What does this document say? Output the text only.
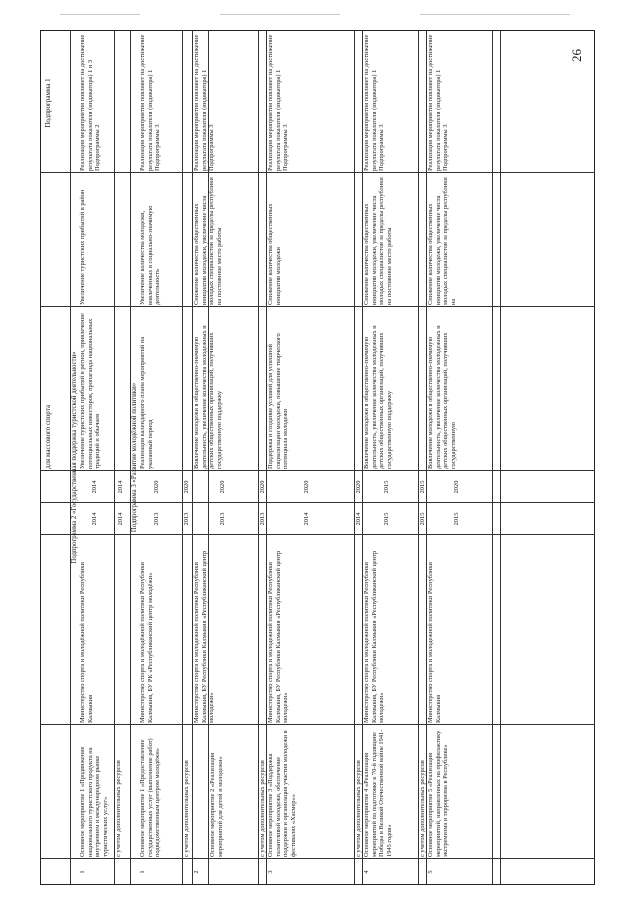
26
для массового спорта
Подпрограмма 1
Подпрограмма 2 «Государственная поддержка туристской деятельности»
1
Основное мероприятие 1 «Продвижение национального туристского продукта на внутреннем и международном рынке туристических услуг»
Министерство спорта и молодёжной политики Республики Калмыкия
2014
2014
Увеличение туристских прибытий в регион, привлечение потенциальных инвесторов, пропаганда национальных традиций и обычаев
Увеличение туристских прибытий в район
Реализация мероприятия повлияет на достижение результата показателя (индикатора) 1 и 3 Подпрограммы 2
с учетом дополнительных ресурсов
2014
2014	Подпрограмма 3 «Развитие молодёжной политики»
1
Основное мероприятие 1 «Предоставление государственных услуг (выполнение работ) подведомственным центром молодёжи»
Министерство спорта и молодёжной политики Республики Калмыкия, БУ РК «Республиканский центр молодёжи»
2013
2020
Реализация календарного плана мероприятий на указанный период
Увеличение количества молодежи, вовлеченных в социально-значимую деятельность
Реализация мероприятия повлияет на достижение результата показателя (индикатора) 1 Подпрограммы 3
с учетом дополнительных ресурсов
2013
2020
2
Основное мероприятие 2 «Реализация мероприятий для детей и молодежи»
Министерство спорта и молодежной политики Республики Калмыкия, БУ Республики Калмыкия «Республиканский центр молодежи»
2013
2020
Вовлечение молодежи в общественно-значимую деятельность, увеличение количества молодежных и детских общественных организаций, получивших государственную поддержку
Снижение количества общественных инициатив молодежи, увеличение числа молодых специалистов за пределы республики на постоянное место работы
Реализация мероприятия повлияет на достижение результата показателя (индикатора) 1 Подпрограммы 3
с учетом дополнительных ресурсов
2013
2020
3
Основное мероприятие 3 «Поддержка талантливой молодежи, обеспечение поддержки и организация участия молодежи в фестивалях «Хасмер»»
Министерство спорта и молодежной политики Республики Калмыкия, БУ Республики Калмыкия «Республиканский центр молодежи»
2014
2020
Поддержка и создание условий для успешной социализации молодежи, повышение творческого потенциала молодежи
Снижение количества общественных инициатив молодежи
Реализация мероприятия повлияет на достижение результата показателя (индикатора) 1 Подпрограммы 3
с учетом дополнительных ресурсов
2014
2020
4
Основное мероприятие 4 «Реализация мероприятий по подготовке к 70-й годовщине Победы в Великой Отечественной войне 1941-1945 годов»
Министерство спорта и молодежной политики Республики Калмыкия, БУ Республики Калмыкия «Республиканский центр молодежи»
2015
2015
Вовлечение молодежи в общественно-значимую деятельность, увеличение количества молодежных и детских общественных организаций, получивших государственную поддержку
Снижение количества общественных инициатив молодежи, увеличение числа молодых специалистов за пределы республики на постоянное место работы
Реализация мероприятия повлияет на достижение результата показателя (индикатора) 1 Подпрограммы 3
с учетом дополнительных ресурсов
2015
2015
5
Основное мероприятие 5 «Реализация мероприятий, направленных на профилактику экстремизма и терроризма в Республике»
Министерство спорта и молодежной политики Республики Калмыкия
2015
2020
Вовлечение молодежи в общественно-значимую деятельность, увеличение количества молодежных и детских общественных организаций, получивших государственную
Снижение количества общественных инициатив молодежи, увеличение числа молодых специалистов за пределы республики на
Реализация мероприятия повлияет на достижение результата показателя (индикатора) 1 Подпрограммы 3
